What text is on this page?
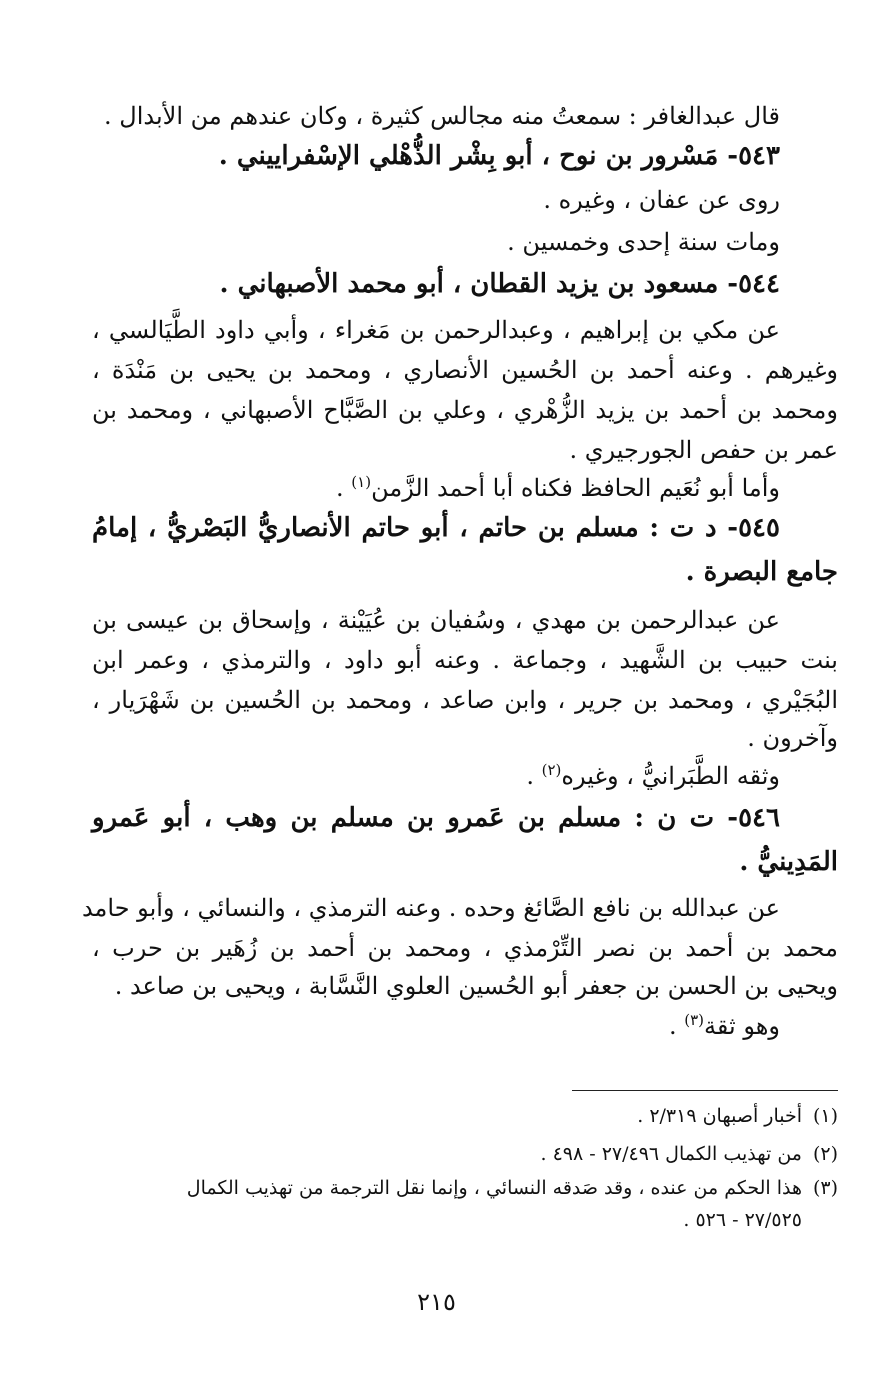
قال عبدالغافر : سمعتُ منه مجالس كثيرة ، وكان عندهم من الأبدال .
٥٤٣- مَسْرور بن نوح ، أبو بِشْر الذُّهْلي الإسْفراييني .
روى عن عفان ، وغيره .
ومات سنة إحدى وخمسين .
٥٤٤- مسعود بن يزيد القطان ، أبو محمد الأصبهاني .
عن مكي بن إبراهيم ، وعبدالرحمن بن مَغراء ، وأبي داود الطَّيَالسي ،
وغيرهم . وعنه أحمد بن الحُسين الأنصاري ، ومحمد بن يحيى بن مَنْدَة ،
ومحمد بن أحمد بن يزيد الزُّهْري ، وعلي بن الصَّبَّاح الأصبهاني ، ومحمد بن
عمر بن حفص الجورجيري .
وأما أبو نُعَيم الحافظ فكناه أبا أحمد الزَّمن$^{(١)}$ .
٥٤٥- د ت : مسلم بن حاتم ، أبو حاتم الأنصاريُّ البَصْريُّ ، إمامُ
جامع البصرة .
عن عبدالرحمن بن مهدي ، وسُفيان بن عُيَيْنة ، وإسحاق بن عيسى بن
بنت حبيب بن الشَّهيد ، وجماعة . وعنه أبو داود ، والترمذي ، وعمر ابن
البُجَيْري ، ومحمد بن جرير ، وابن صاعد ، ومحمد بن الحُسين بن شَهْرَيار ،
وآخرون .
وثقه الطَّبَرانيُّ ، وغيره$^{(٢)}$ .
٥٤٦- ت ن : مسلم بن عَمرو بن مسلم بن وهب ، أبو عَمرو
المَدِينيُّ .
عن عبدالله بن نافع الصَّائغ وحده . وعنه الترمذي ، والنسائي ، وأبو حامد
محمد بن أحمد بن نصر التِّرْمذي ، ومحمد بن أحمد بن زُهَير بن حرب ،
ويحيى بن الحسن بن جعفر أبو الحُسين العلوي النَّسَّابة ، ويحيى بن صاعد .
وهو ثقة$^{(٣)}$ .
(١)
أخبار أصبهان ٢/٣١٩ .
(٢)
من تهذيب الكمال ٢٧/٤٩٦ - ٤٩٨ .
(٣)
هذا الحكم من عنده ، وقد صَدقه النسائي ، وإنما نقل الترجمة من تهذيب الكمال
٢٧/٥٢٥ - ٥٢٦ .
٢١٥
